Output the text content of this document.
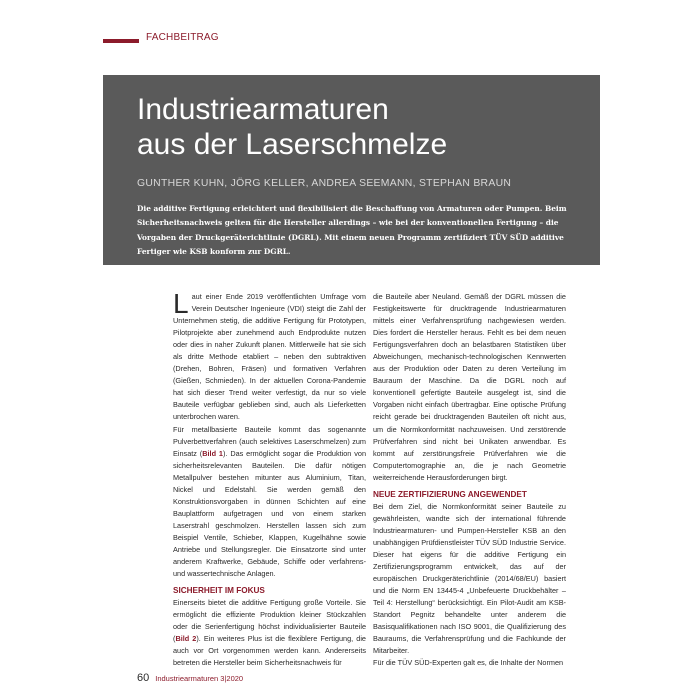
FACHBEITRAG
Industriearmaturen
aus der Laserschmelze
GUNTHER KUHN, JÖRG KELLER, ANDREA SEEMANN, STEPHAN BRAUN
Die additive Fertigung erleichtert und flexibilisiert die Beschaffung von Armaturen oder Pumpen. Beim Sicherheitsnachweis gelten für die Hersteller allerdings – wie bei der konventionellen Fertigung – die Vorgaben der Druckgeräterichtlinie (DGRL). Mit einem neuen Programm zertifiziert TÜV SÜD additive Fertiger wie KSB konform zur DGRL.

Laut einer Ende 2019 veröffentlichten Umfrage vom Verein Deutscher Ingenieure (VDI) steigt die Zahl der Unternehmen stetig, die additive Fertigung für Prototypen, Pilotprojekte aber zunehmend auch Endprodukte nutzen oder dies in naher Zukunft planen. Mittlerweile hat sie sich als dritte Methode etabliert – neben den subtraktiven (Drehen, Bohren, Fräsen) und formativen Verfahren (Gießen, Schmieden). In der aktuellen Corona-Pandemie hat sich dieser Trend weiter verfestigt, da nur so viele Bauteile verfügbar geblieben sind, auch als Lieferketten unterbrochen waren.

Für metallbasierte Bauteile kommt das sogenannte Pulverbettverfahren (auch selektives Laserschmelzen) zum Einsatz (Bild 1). Das ermöglicht sogar die Produktion von sicherheitsrelevanten Bauteilen. Die dafür nötigen Metallpulver bestehen mitunter aus Aluminium, Titan, Nickel und Edelstahl. Sie werden gemäß den Konstruktionsvorgaben in dünnen Schichten auf eine Bauplattform aufgetragen und von einem starken Laserstrahl geschmolzen. Herstellen lassen sich zum Beispiel Ventile, Schieber, Klappen, Kugelhähne sowie Antriebe und Stellungsregler. Die Einsatzorte sind unter anderem Kraftwerke, Gebäude, Schiffe oder verfahrens- und wassertechnische Anlagen.

SICHERHEIT IM FOKUS

Einerseits bietet die additive Fertigung große Vorteile. Sie ermöglicht die effiziente Produktion kleiner Stückzahlen oder die Serienfertigung höchst individualisierter Bauteile (Bild 2). Ein weiteres Plus ist die flexiblere Fertigung, die auch vor Ort vorgenommen werden kann. Andererseits betreten die Hersteller beim Sicherheitsnachweis für

die Bauteile aber Neuland. Gemäß der DGRL müssen die Festigkeitswerte für drucktragende Industriearmaturen mittels einer Verfahrensprüfung nachgewiesen werden. Dies fordert die Hersteller heraus. Fehlt es bei dem neuen Fertigungsverfahren doch an belastbaren Statistiken über Abweichungen, mechanisch-technologischen Kennwerten aus der Produktion oder Daten zu deren Verteilung im Bauraum der Maschine. Da die DGRL noch auf konventionell gefertigte Bauteile ausgelegt ist, sind die Vorgaben nicht einfach übertragbar. Eine optische Prüfung reicht gerade bei drucktragenden Bauteilen oft nicht aus, um die Normkonformität nachzuweisen. Und zerstörende Prüfverfahren sind nicht bei Unikaten anwendbar. Es kommt auf zerstörungsfreie Prüfverfahren wie die Computertomographie an, die je nach Geometrie weiterreichende Herausforderungen birgt.

NEUE ZERTIFIZIERUNG ANGEWENDET

Bei dem Ziel, die Normkonformität seiner Bauteile zu gewährleisten, wandte sich der international führende Industriearmaturen- und Pumpen-Hersteller KSB an den unabhängigen Prüfdienstleister TÜV SÜD Industrie Service. Dieser hat eigens für die additive Fertigung ein Zertifizierungsprogramm entwickelt, das auf der europäischen Druckgeräterichtlinie (2014/68/EU) basiert und die Norm EN 13445-4 „Unbefeuerte Druckbehälter – Teil 4: Herstellung“ berücksichtigt. Ein Pilot-Audit am KSB-Standort Pegnitz behandelte unter anderem die Basisqualifikationen nach ISO 9001, die Qualifizierung des Bauraums, die Verfahrensprüfung und die Fachkunde der Mitarbeiter.

Für die TÜV SÜD-Experten galt es, die Inhalte der Normen

60 Industriearmaturen 3|2020
